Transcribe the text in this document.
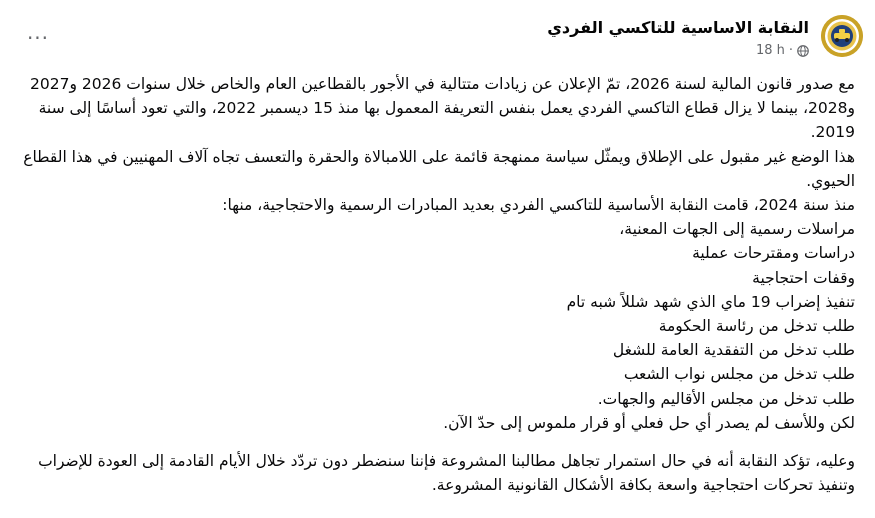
النقابة الاساسية للتاكسي الفردي
18 h ·
···

مع صدور قانون المالية لسنة 2026، تمّ الإعلان عن زيادات متتالية في الأجور بالقطاعين العام والخاص خلال سنوات 2026 و2027 و2028، بينما لا يزال قطاع التاكسي الفردي يعمل بنفس التعريفة المعمول بها منذ 15 ديسمبر 2022، والتي تعود أساسًا إلى سنة 2019.

هذا الوضع غير مقبول على الإطلاق ويمثّل سياسة ممنهجة قائمة على اللامبالاة والحقرة والتعسف تجاه آلاف المهنيين في هذا القطاع الحيوي.

منذ سنة 2024، قامت النقابة الأساسية للتاكسي الفردي بعديد المبادرات الرسمية والاحتجاجية، منها:

مراسلات رسمية إلى الجهات المعنية،

دراسات ومقترحات عملية

وقفات احتجاجية

تنفيذ إضراب 19 ماي الذي شهد شللاً شبه تام

طلب تدخل من رئاسة الحكومة

طلب تدخل من التفقدية العامة للشغل

طلب تدخل من مجلس نواب الشعب

طلب تدخل من مجلس الأقاليم والجهات.

لكن وللأسف لم يصدر أي حل فعلي أو قرار ملموس إلى حدّ الآن.

وعليه، تؤكد النقابة أنه في حال استمرار تجاهل مطالبنا المشروعة فإننا سنضطر دون تردّد خلال الأيام القادمة إلى العودة للإضراب وتنفيذ تحركات احتجاجية واسعة بكافة الأشكال القانونية المشروعة.
